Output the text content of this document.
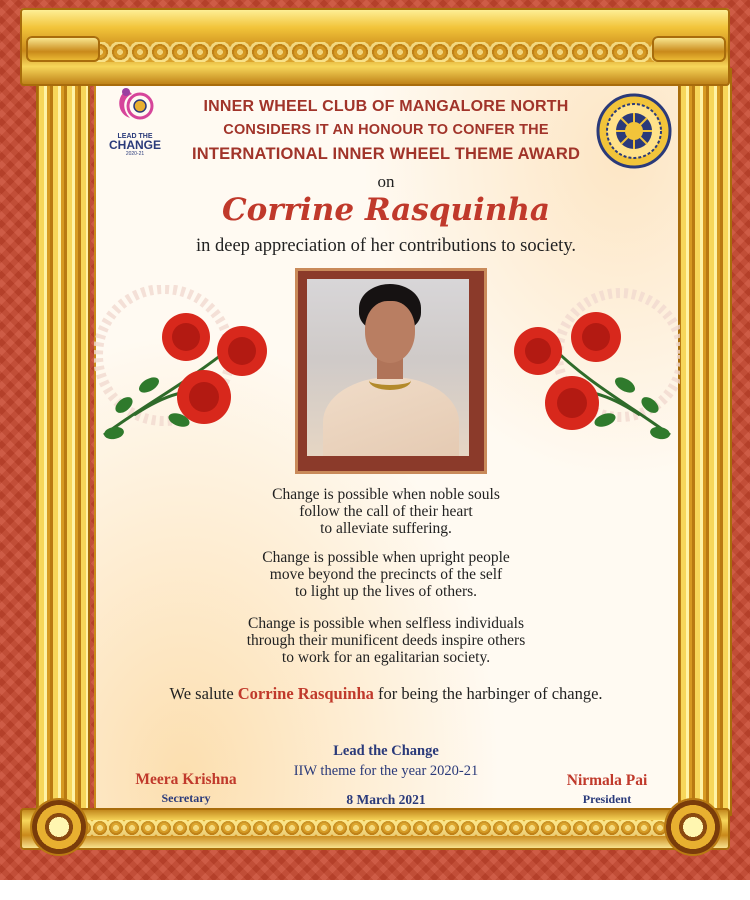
LEAD THE
CHANGE
2020-21
INNER WHEEL CLUB OF MANGALORE NORTH
CONSIDERS IT AN HONOUR TO CONFER THE
INTERNATIONAL INNER WHEEL THEME AWARD
on
Corrine Rasquinha
in deep appreciation of her contributions to society.
Change is possible when noble souls
follow the call of their heart
to alleviate suffering.
Change is possible when upright people
move beyond the precincts of the self
to light up the lives of others.
Change is possible when selfless individuals
through their munificent deeds inspire others
to work for an egalitarian society.
We salute Corrine Rasquinha for being the harbinger of change.
Lead the Change
IIW theme for the year 2020-21
8 March 2021
Meera Krishna
Secretary
Nirmala Pai
President
